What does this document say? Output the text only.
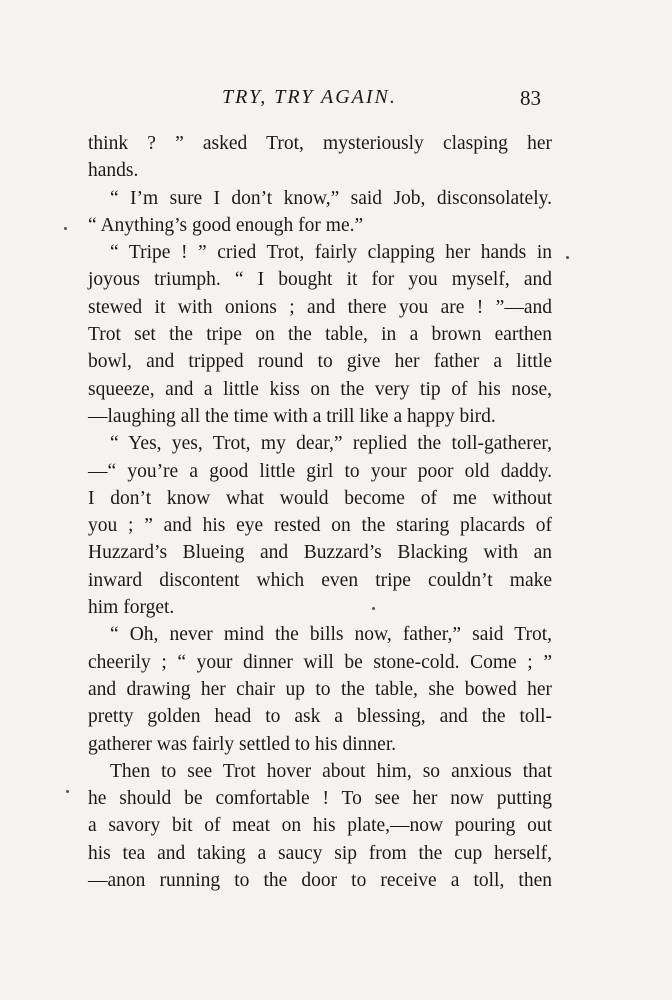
TRY, TRY AGAIN.	83
think ? ” asked Trot, mysteriously clasping her
hands.
“ I’m sure I don’t know,” said Job, disconsolately.
“ Anything’s good enough for me.”
“ Tripe ! ” cried Trot, fairly clapping her hands in
joyous triumph. “ I bought it for you myself, and
stewed it with onions ; and there you are ! ”—and
Trot set the tripe on the table, in a brown earthen
bowl, and tripped round to give her father a little
squeeze, and a little kiss on the very tip of his nose,
—laughing all the time with a trill like a happy bird.
“ Yes, yes, Trot, my dear,” replied the toll-gatherer,
—“ you’re a good little girl to your poor old daddy.
I don’t know what would become of me without
you ; ” and his eye rested on the staring placards of
Huzzard’s Blueing and Buzzard’s Blacking with an
inward discontent which even tripe couldn’t make
him forget.
“ Oh, never mind the bills now, father,” said Trot,
cheerily ; “ your dinner will be stone-cold. Come ; ”
and drawing her chair up to the table, she bowed her
pretty golden head to ask a blessing, and the toll-
gatherer was fairly settled to his dinner.
Then to see Trot hover about him, so anxious that
he should be comfortable ! To see her now putting
a savory bit of meat on his plate,—now pouring out
his tea and taking a saucy sip from the cup herself,
—anon running to the door to receive a toll, then
